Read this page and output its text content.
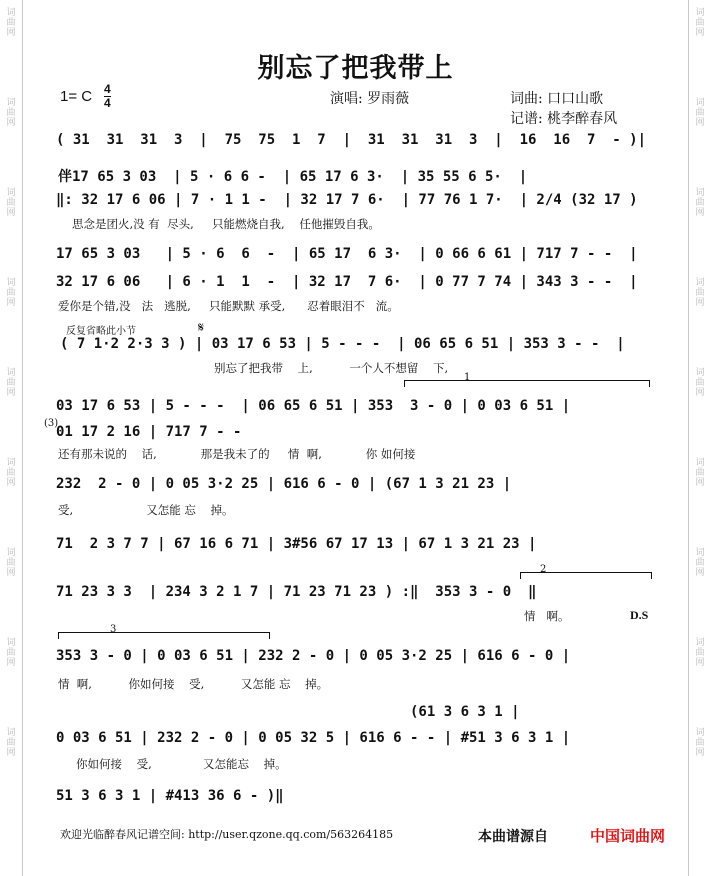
词
曲
网
词
曲
网
词
曲
网
词
曲
网
词
曲
网
词
曲
网
词
曲
网
词
曲
网
词
曲
网
词
曲
网
词
曲
网
词
曲
网
词
曲
网
词
曲
网
词
曲
网
词
曲
网
词
曲
网
词
曲
网
别忘了把我带上
1= C 4
4	演唱: 罗雨薇	词曲: 口口山歌
记谱: 桃李醉春风
( 31  31  31  3  |  75  75  1  7  |  31  31  31  3  |  16  16  7  - )|
伴17 65 3 03  | 5 · 6 6 -  | 65 17 6 3·  | 35 55 6 5·  |
‖: 32 17 6 06 | 7 · 1 1 -  | 32 17 7 6·  | 77 76 1 7·  | 2/4 (32 17 )
思念是团火,没 有  尽头,     只能燃烧自我,    任他摧毁自我。
17 65 3 03   | 5 · 6  6  -  | 65 17  6 3·  | 0 66 6 61 | 717 7 - -  |
32 17 6 06   | 6 · 1  1  -  | 32 17  7 6·  | 0 77 7 74 | 343 3 - -  |
爱你是个错,没   法   逃脱,     只能默默 承受,      忍着眼泪不   流。
反复省略此小节	𝄋
( 7 1·2 2·3 3 ) | 03 17 6 53 | 5 - - -  | 06 65 6 51 | 353 3 - -  |
别忘了把我带    上,          一个人不想留    下,
1
03 17 6 53 | 5 - - -  | 06 65 6 51 | 353  3 - 0 | 0 03 6 51 |
(3)
01 17 2 16 | 717 7 - -
还有那未说的    话,            那是我未了的     情  啊,            你 如何接
232  2 - 0 | 0 05 3·2 25 | 616 6 - 0 | (67 1 3 21 23 |
受,                    又怎能 忘    掉。
71  2 3 7 7 | 67 16 6 71 | 3#56 67 17 13 | 67 1 3 21 23 |
2
71 23 3 3  | 234 3 2 1 7 | 71 23 71 23 ) :‖  353 3 - 0  ‖
情   啊。	D.S
3
353 3 - 0 | 0 03 6 51 | 232 2 - 0 | 0 05 3·2 25 | 616 6 - 0 |
情  啊,          你如何接    受,          又怎能 忘    掉。
(61 3 6 3 1 |
0 03 6 51 | 232 2 - 0 | 0 05 32 5 | 616 6 - - | #51 3 6 3 1 |
你如何接    受,              又怎能忘    掉。
51 3 6 3 1 | #413 36 6 - )‖
欢迎光临醉春风记谱空间: http://user.qzone.qq.com/563264185	本曲谱源自	中国词曲网
